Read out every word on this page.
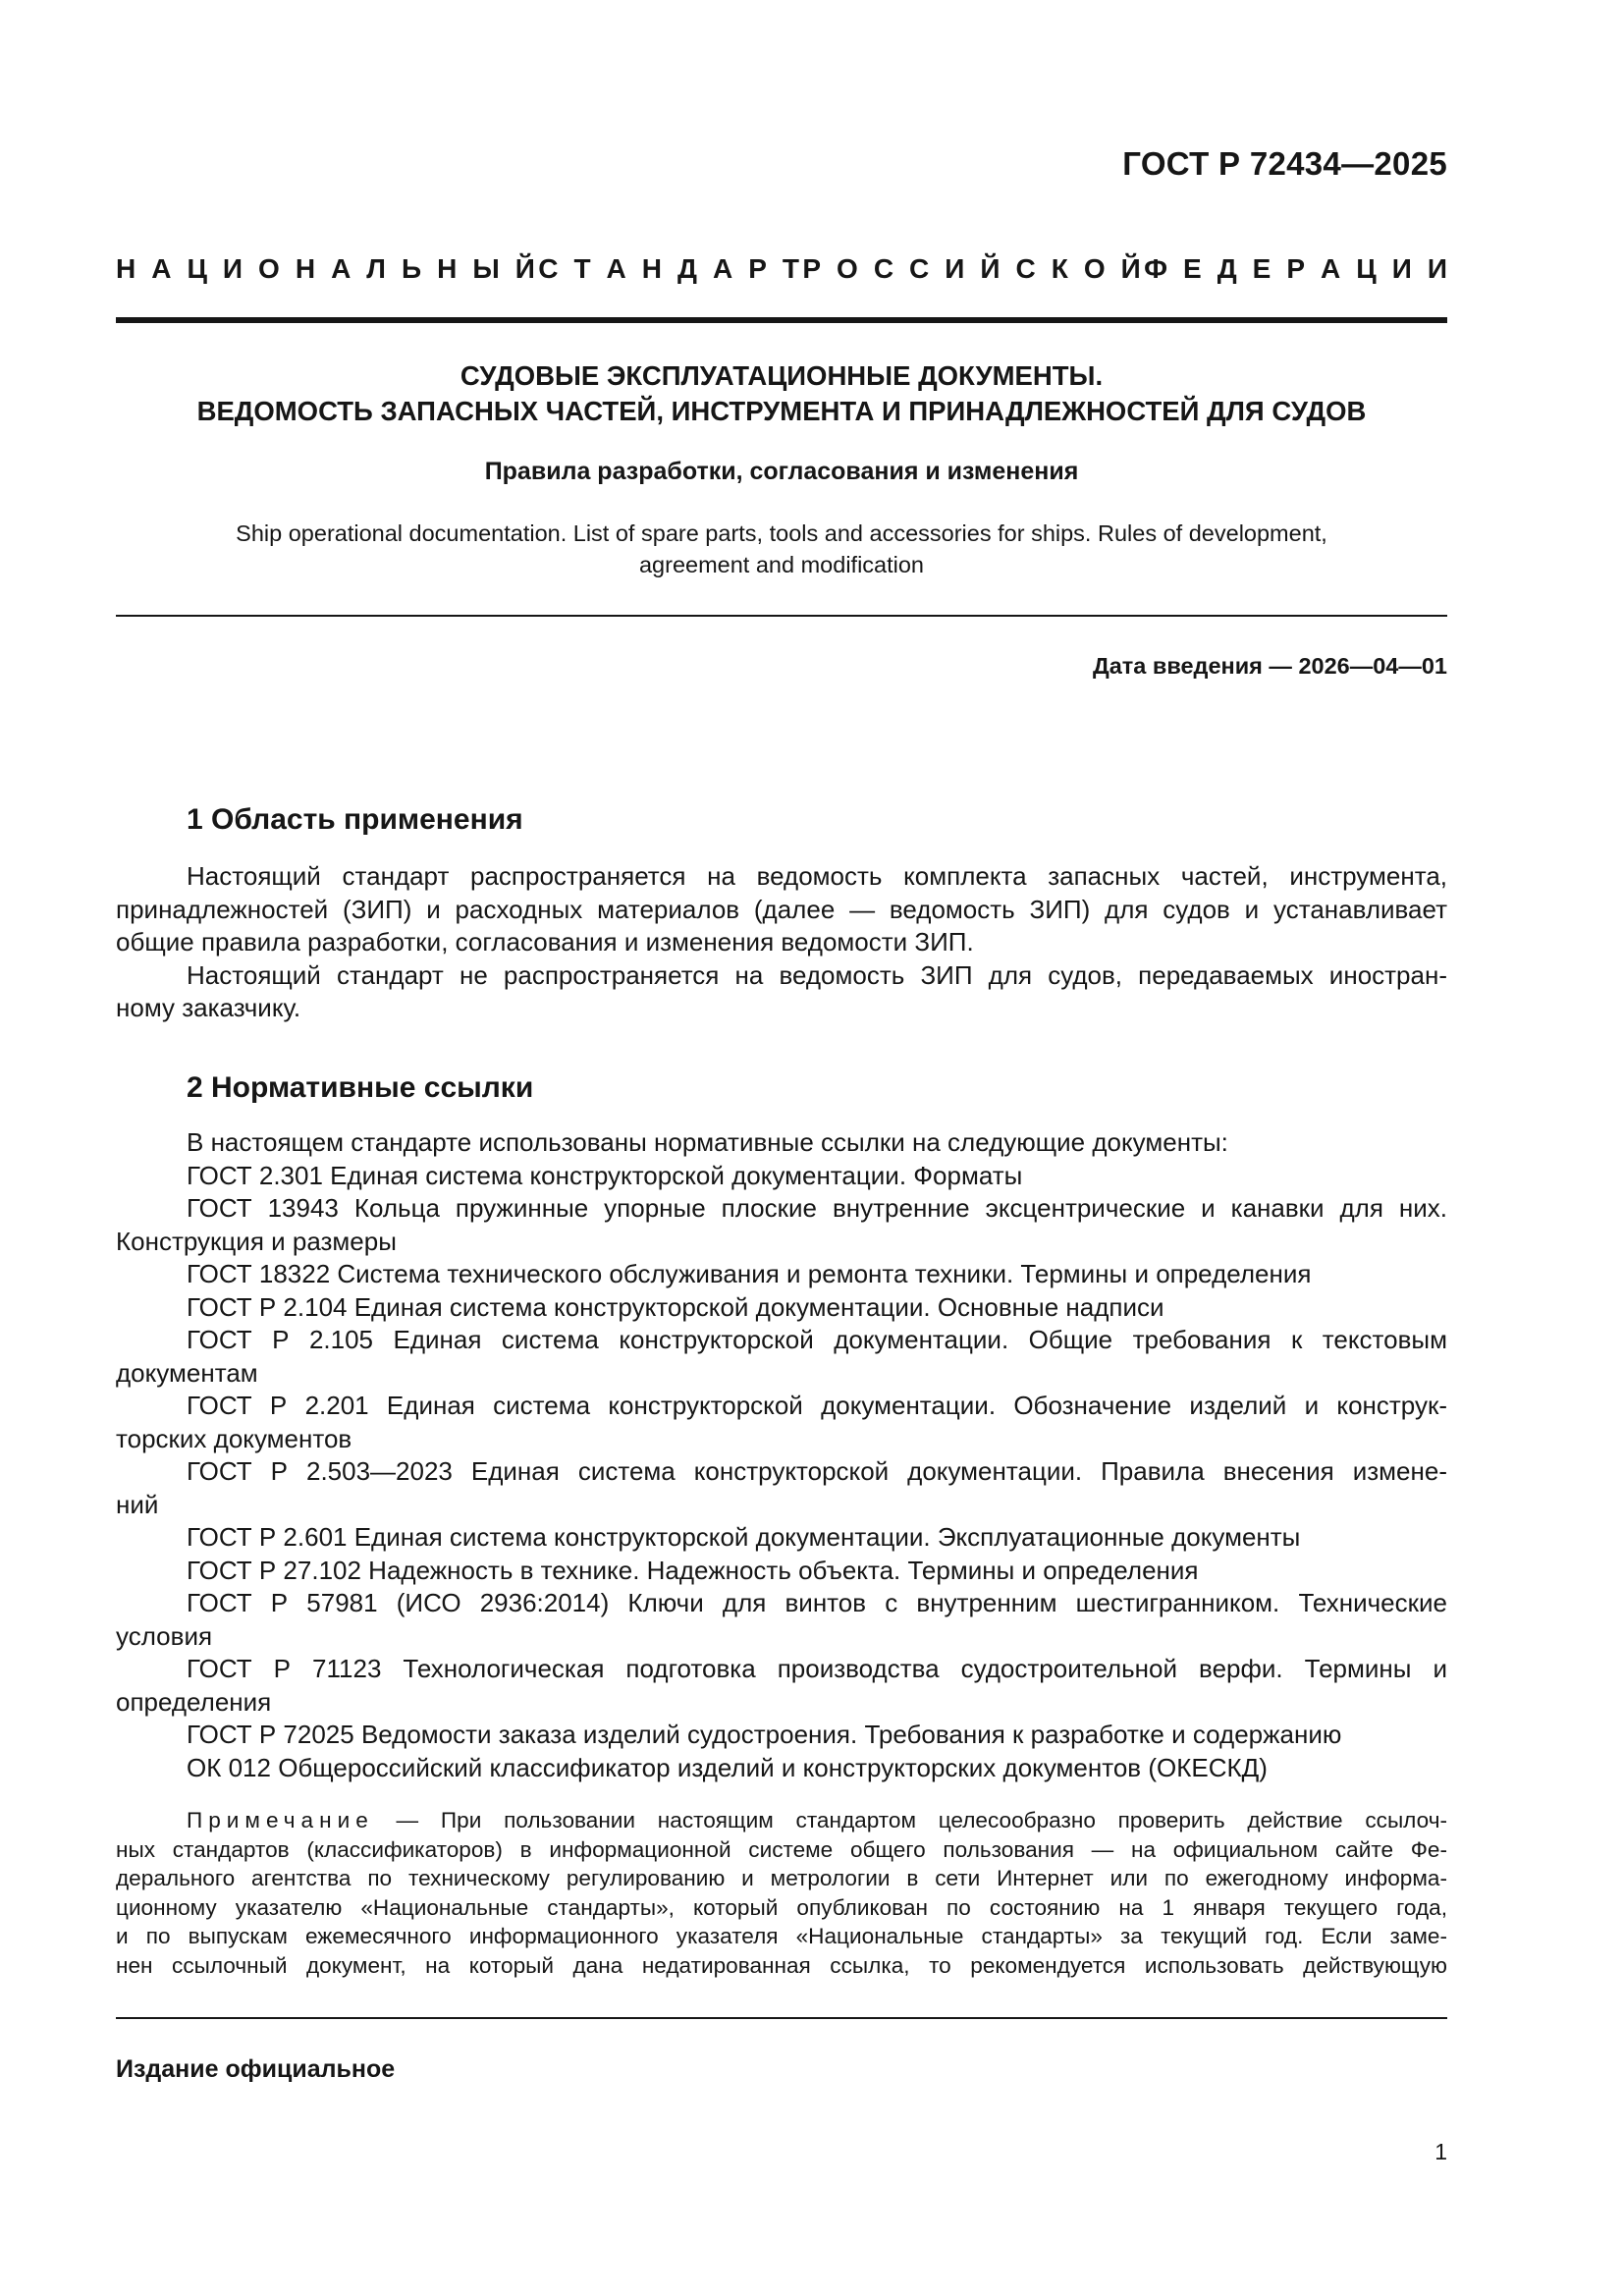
ГОСТ Р 72434—2025
Н А Ц И О Н А Л Ь Н Ы Й С Т А Н Д А Р Т Р О С С И Й С К О Й Ф Е Д Е Р А Ц И И
СУДОВЫЕ ЭКСПЛУАТАЦИОННЫЕ ДОКУМЕНТЫ.
ВЕДОМОСТЬ ЗАПАСНЫХ ЧАСТЕЙ, ИНСТРУМЕНТА И ПРИНАДЛЕЖНОСТЕЙ ДЛЯ СУДОВ
Правила разработки, согласования и изменения
Ship operational documentation. List of spare parts, tools and accessories for ships. Rules of development,
agreement and modification
Дата введения — 2026—04—01
1 Область применения
Настоящий стандарт распространяется на ведомость комплекта запасных частей, инструмента,
принадлежностей (ЗИП) и расходных материалов (далее — ведомость ЗИП) для судов и устанавливает
общие правила разработки, согласования и изменения ведомости ЗИП.
Настоящий стандарт не распространяется на ведомость ЗИП для судов, передаваемых иностран-
ному заказчику.
2 Нормативные ссылки
В настоящем стандарте использованы нормативные ссылки на следующие документы:
ГОСТ 2.301 Единая система конструкторской документации. Форматы
ГОСТ 13943 Кольца пружинные упорные плоские внутренние эксцентрические и канавки для них.
Конструкция и размеры
ГОСТ 18322 Система технического обслуживания и ремонта техники. Термины и определения
ГОСТ Р 2.104 Единая система конструкторской документации. Основные надписи
ГОСТ Р 2.105 Единая система конструкторской документации. Общие требования к текстовым
документам
ГОСТ Р 2.201 Единая система конструкторской документации. Обозначение изделий и конструк-
торских документов
ГОСТ Р 2.503—2023 Единая система конструкторской документации. Правила внесения измене-
ний
ГОСТ Р 2.601 Единая система конструкторской документации. Эксплуатационные документы
ГОСТ Р 27.102 Надежность в технике. Надежность объекта. Термины и определения
ГОСТ Р 57981 (ИСО 2936:2014) Ключи для винтов с внутренним шестигранником. Технические
условия
ГОСТ Р 71123 Технологическая подготовка производства судостроительной верфи. Термины и
определения
ГОСТ Р 72025 Ведомости заказа изделий судостроения. Требования к разработке и содержанию
ОК 012 Общероссийский классификатор изделий и конструкторских документов (ОКЕСКД)
Примечание — При пользовании настоящим стандартом целесообразно проверить действие ссылоч-
ных стандартов (классификаторов) в информационной системе общего пользования — на официальном сайте Фе-
дерального агентства по техническому регулированию и метрологии в сети Интернет или по ежегодному информа-
ционному указателю «Национальные стандарты», который опубликован по состоянию на 1 января текущего года,
и по выпускам ежемесячного информационного указателя «Национальные стандарты» за текущий год. Если заме-
нен ссылочный документ, на который дана недатированная ссылка, то рекомендуется использовать действующую
Издание официальное
1
